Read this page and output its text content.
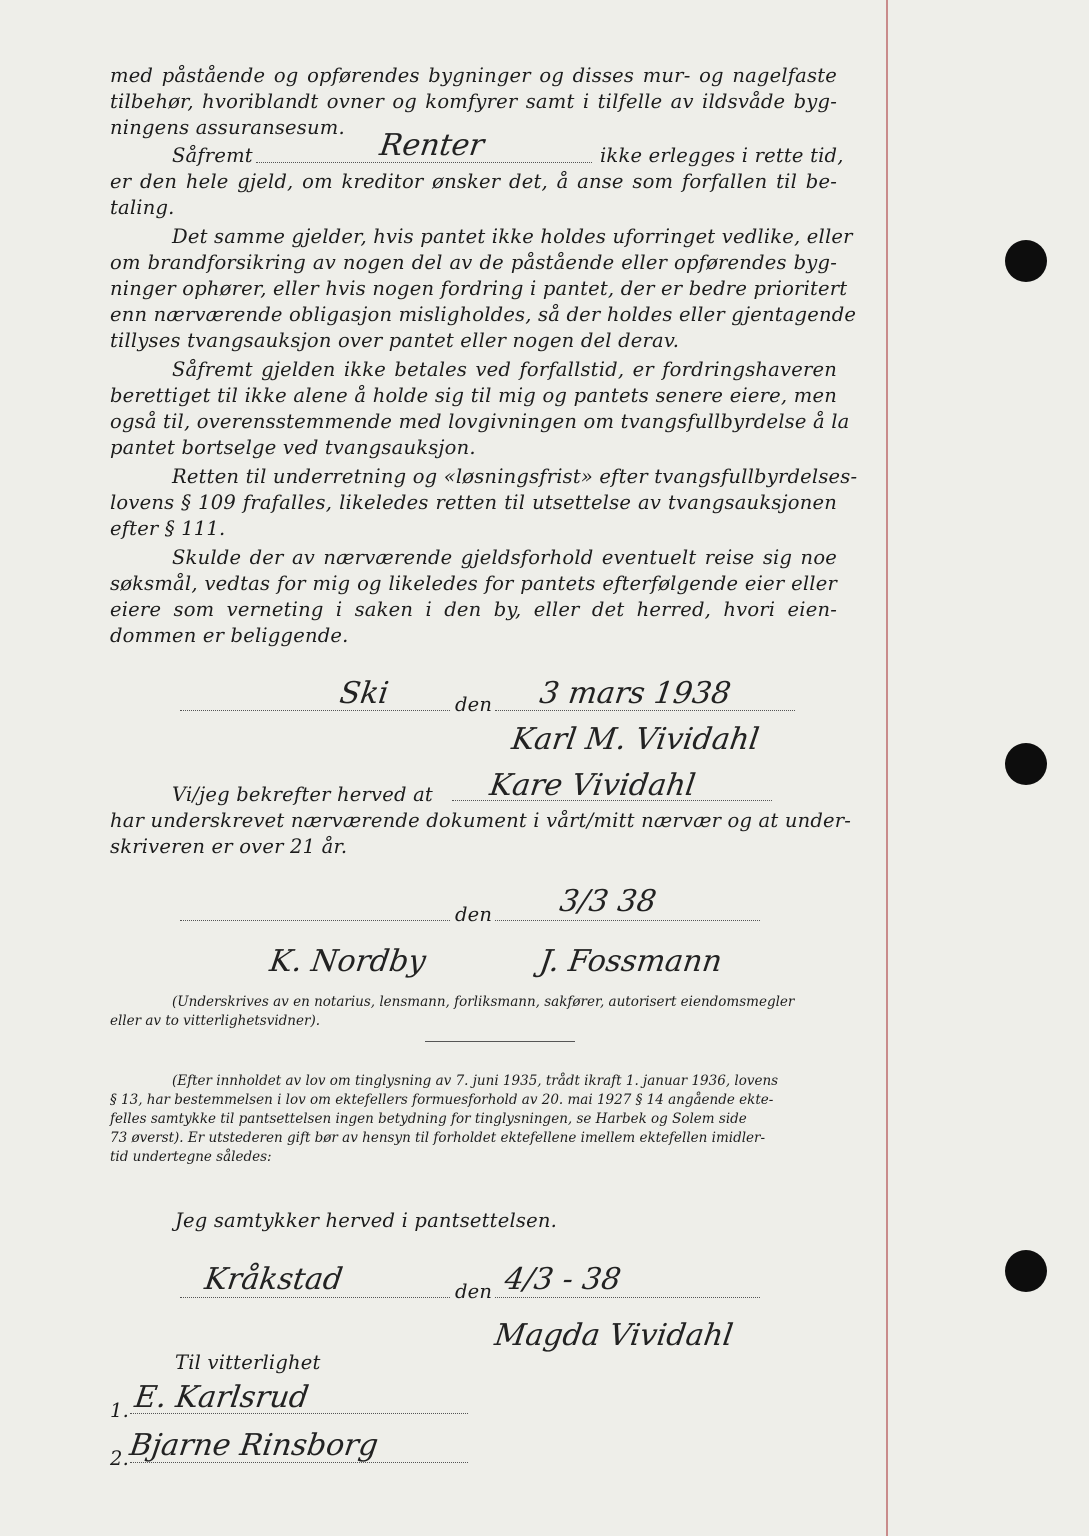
med påstående og opførendes bygninger og disses mur- og nagelfaste
tilbehør, hvoriblandt ovner og komfyrer samt i tilfelle av ildsvåde byg-
ningens assuransesum.
Såfremt	Renter	ikke erlegges i rette tid,
er den hele gjeld, om kreditor ønsker det, å anse som forfallen til be-
taling.
Det samme gjelder, hvis pantet ikke holdes uforringet vedlike, eller
om brandforsikring av nogen del av de påstående eller opførendes byg-
ninger ophører, eller hvis nogen fordring i pantet, der er bedre prioritert
enn nærværende obligasjon misligholdes, så der holdes eller gjentagende
tillyses tvangsauksjon over pantet eller nogen del derav.
Såfremt gjelden ikke betales ved forfallstid, er fordringshaveren
berettiget til ikke alene å holde sig til mig og pantets senere eiere, men
også til, overensstemmende med lovgivningen om tvangsfullbyrdelse å la
pantet bortselge ved tvangsauksjon.
Retten til underretning og «løsningsfrist» efter tvangsfullbyrdelses-
lovens § 109 frafalles, likeledes retten til utsettelse av tvangsauksjonen
efter § 111.
Skulde der av nærværende gjeldsforhold eventuelt reise sig noe
søksmål, vedtas for mig og likeledes for pantets efterfølgende eier eller
eiere som verneting i saken i den by, eller det herred, hvori eien-
dommen er beliggende.
Ski	den 3 mars 1938
Karl M. Vividahl
Vi/jeg bekrefter herved at Kare Vividahl
har underskrevet nærværende dokument i vårt/mitt nærvær og at under-
skriveren er over 21 år.
den 3/3 38
K. Nordby	J. Fossmann
(Underskrives av en notarius, lensmann, forliksmann, sakfører, autorisert eiendomsmegler
eller av to vitterlighetsvidner).
(Efter innholdet av lov om tinglysning av 7. juni 1935, trådt ikraft 1. januar 1936, lovens
§ 13, har bestemmelsen i lov om ektefellers formuesforhold av 20. mai 1927 § 14 angående ekte-
felles samtykke til pantsettelsen ingen betydning for tinglysningen, se Harbek og Solem side
73 øverst). Er utstederen gift bør av hensyn til forholdet ektefellene imellem ektefellen imidler-
tid undertegne således:
Jeg samtykker herved i pantsettelsen.
Kråkstad	den 4/3 - 38
Magda Vividahl
Til vitterlighet
1. E. Karlsrud
2.
Bjarne Rinsborg
